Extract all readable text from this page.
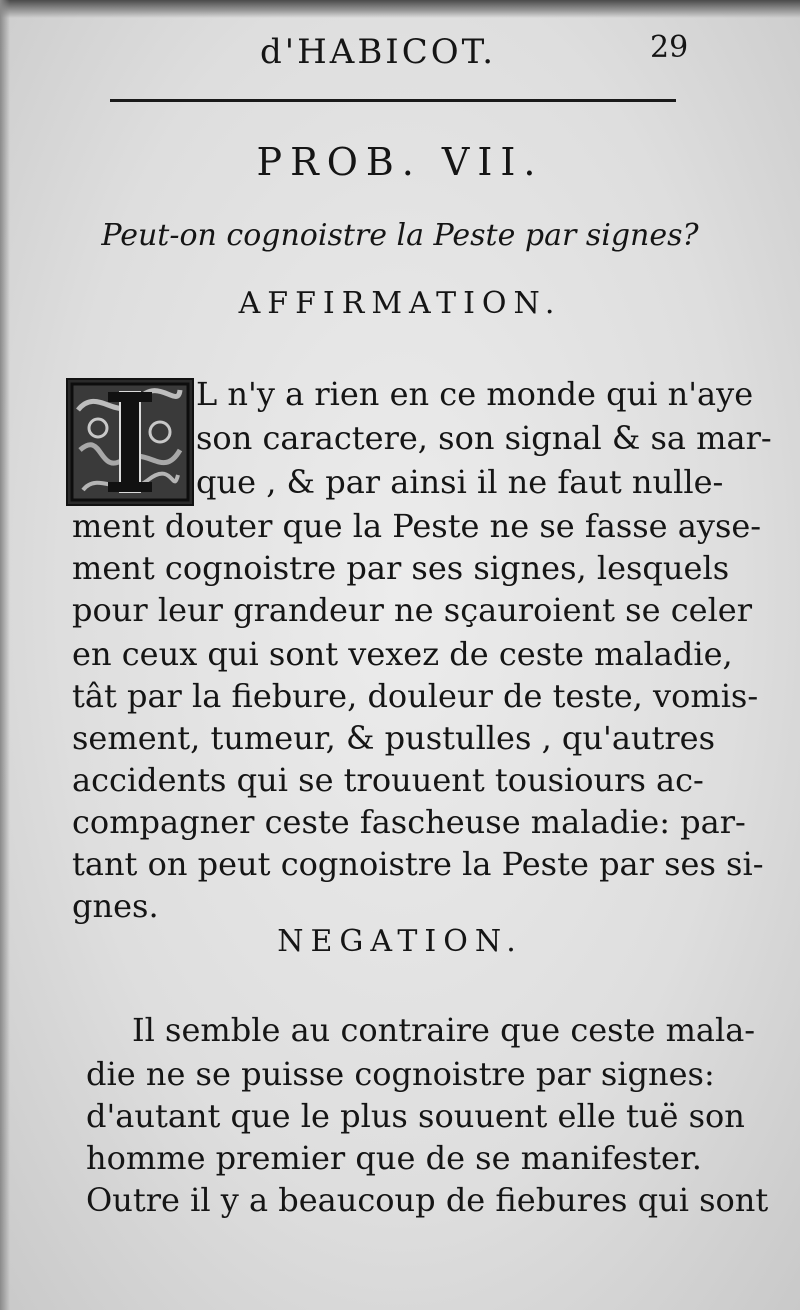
d'HABICOT.	29
PROB. VII.
Peut-on cognoistre la Peste par signes?
AFFIRMATION.
L n'y a rien en ce monde qui n'aye
son caractere, son signal & sa mar-
que , & par ainsi il ne faut nulle-
ment douter que la Peste ne se fasse ayse-
ment cognoistre par ses signes, lesquels
pour leur grandeur ne sçauroient se celer
en ceux qui sont vexez de ceste maladie,
tât par la fiebure, douleur de teste, vomis-
sement, tumeur, & pustulles , qu'autres
accidents qui se trouuent tousiours ac-
compagner ceste fascheuse maladie: par-
tant on peut cognoistre la Peste par ses si-
gnes.
NEGATION.
Il semble au contraire que ceste mala-
die ne se puisse cognoistre par signes:
d'autant que le plus souuent elle tuë son
homme premier que de se manifester.
Outre il y a beaucoup de fiebures qui sont
